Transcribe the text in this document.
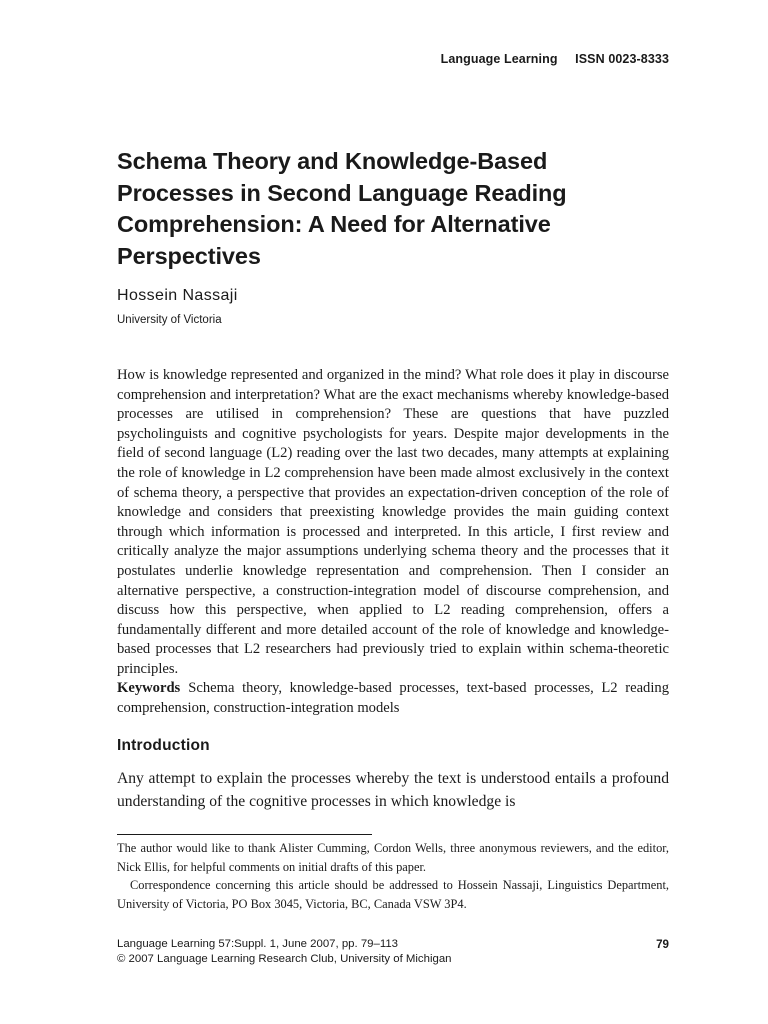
Language Learning ISSN 0023-8333
Schema Theory and Knowledge-Based Processes in Second Language Reading Comprehension: A Need for Alternative Perspectives
Hossein Nassaji
University of Victoria

How is knowledge represented and organized in the mind? What role does it play in discourse comprehension and interpretation? What are the exact mechanisms whereby knowledge-based processes are utilised in comprehension? These are questions that have puzzled psycholinguists and cognitive psychologists for years. Despite major developments in the field of second language (L2) reading over the last two decades, many attempts at explaining the role of knowledge in L2 comprehension have been made almost exclusively in the context of schema theory, a perspective that provides an expectation-driven conception of the role of knowledge and considers that preexisting knowledge provides the main guiding context through which information is processed and interpreted. In this article, I first review and critically analyze the major assumptions underlying schema theory and the processes that it postulates underlie knowledge representation and comprehension. Then I consider an alternative perspective, a construction-integration model of discourse comprehension, and discuss how this perspective, when applied to L2 reading comprehension, offers a fundamentally different and more detailed account of the role of knowledge and knowledge-based processes that L2 researchers had previously tried to explain within schema-theoretic principles.

Keywords Schema theory, knowledge-based processes, text-based processes, L2 reading comprehension, construction-integration models

Introduction

Any attempt to explain the processes whereby the text is understood entails a profound understanding of the cognitive processes in which knowledge is

The author would like to thank Alister Cumming, Cordon Wells, three anonymous reviewers, and the editor, Nick Ellis, for helpful comments on initial drafts of this paper.

Correspondence concerning this article should be addressed to Hossein Nassaji, Linguistics Department, University of Victoria, PO Box 3045, Victoria, BC, Canada VSW 3P4.

Language Learning 57:Suppl. 1, June 2007, pp. 79–113
© 2007 Language Learning Research Club, University of Michigan
79
